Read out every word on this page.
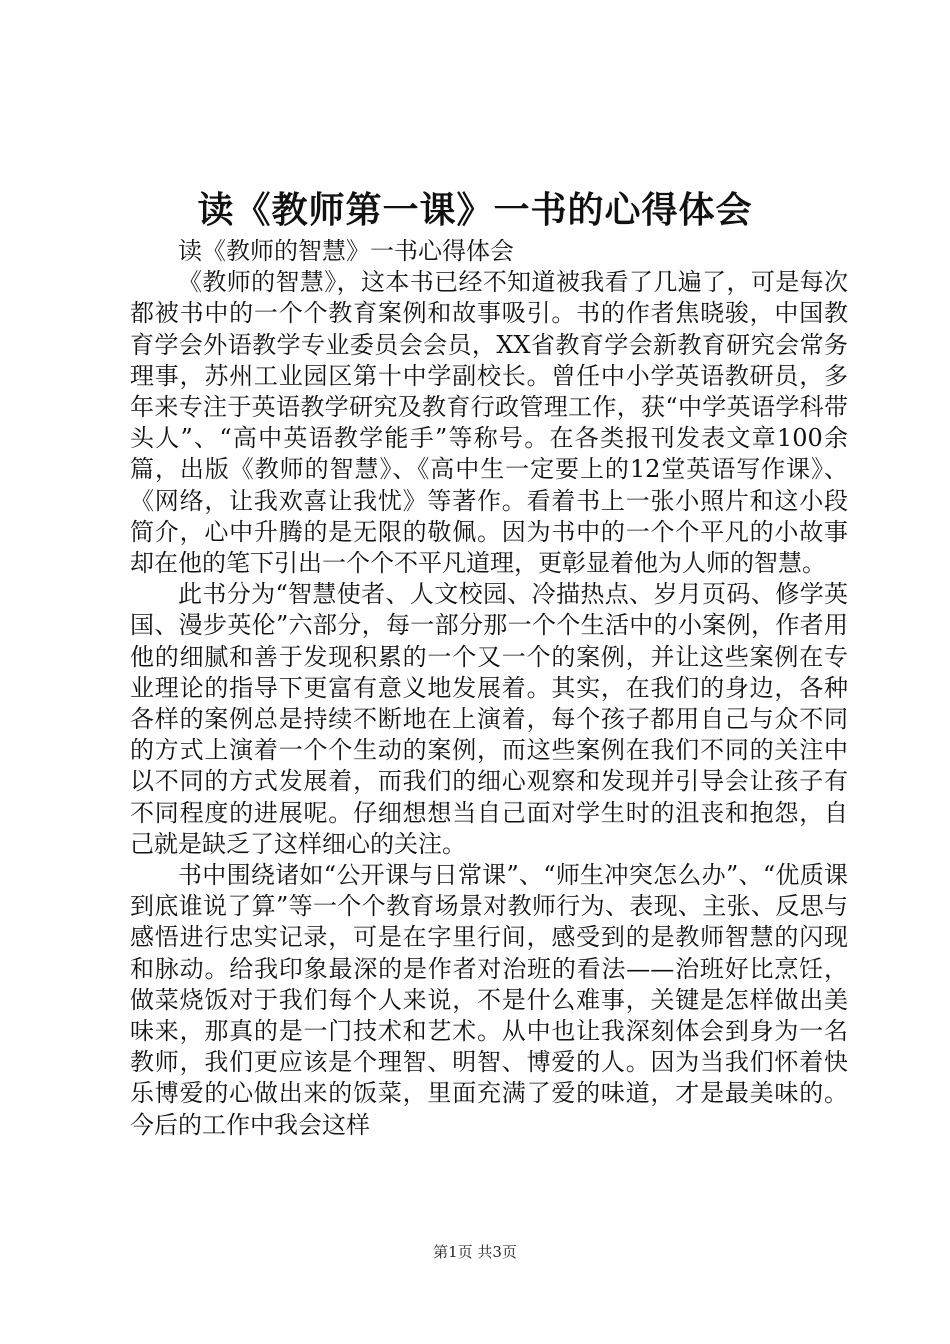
读《教师第一课》一书的心得体会

读《教师的智慧》一书心得体会

《教师的智慧》，这本书已经不知道被我看了几遍了，可是每次都被书中的一个个教育案例和故事吸引。书的作者焦晓骏，中国教育学会外语教学专业委员会会员，XX省教育学会新教育研究会常务理事，苏州工业园区第十中学副校长。曾任中小学英语教研员，多年来专注于英语教学研究及教育行政管理工作，获“中学英语学科带头人”、“高中英语教学能手”等称号。在各类报刊发表文章100余篇，出版《教师的智慧》、《高中生一定要上的12堂英语写作课》、《网络，让我欢喜让我忧》等著作。看着书上一张小照片和这小段简介，心中升腾的是无限的敬佩。因为书中的一个个平凡的小故事却在他的笔下引出一个个不平凡道理，更彰显着他为人师的智慧。

此书分为“智慧使者、人文校园、冷描热点、岁月页码、修学英国、漫步英伦”六部分，每一部分那一个个生活中的小案例，作者用他的细腻和善于发现积累的一个又一个的案例，并让这些案例在专业理论的指导下更富有意义地发展着。其实，在我们的身边，各种各样的案例总是持续不断地在上演着，每个孩子都用自己与众不同的方式上演着一个个生动的案例，而这些案例在我们不同的关注中以不同的方式发展着，而我们的细心观察和发现并引导会让孩子有不同程度的进展呢。仔细想想当自己面对学生时的沮丧和抱怨，自己就是缺乏了这样细心的关注。

书中围绕诸如“公开课与日常课”、“师生冲突怎么办”、“优质课到底谁说了算”等一个个教育场景对教师行为、表现、主张、反思与感悟进行忠实记录，可是在字里行间，感受到的是教师智慧的闪现和脉动。给我印象最深的是作者对治班的看法——治班好比烹饪，做菜烧饭对于我们每个人来说，不是什么难事，关键是怎样做出美味来，那真的是一门技术和艺术。从中也让我深刻体会到身为一名教师，我们更应该是个理智、明智、博爱的人。因为当我们怀着快乐博爱的心做出来的饭菜，里面充满了爱的味道，才是最美味的。今后的工作中我会这样

第1页 共3页
